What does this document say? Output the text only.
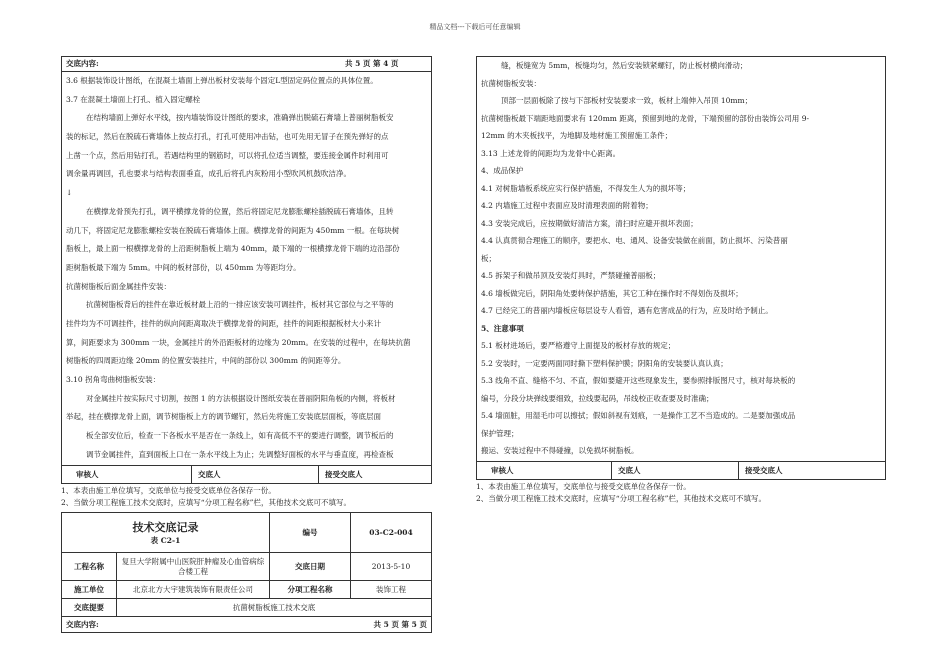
精品文档---下载后可任意编辑
交底内容:	共 5 页 第 4 页
3.6 根据装饰设计图纸，在混凝土墙面上弹出板材安装每个固定L型固定码位置点的具体位置。
3.7 在混凝土墙面上打孔、植入固定螺栓
在结构墙面上弹好水平线，按内墙装饰设计图纸的要求，准确弹出脱硫石膏墙上普丽树脂板安
装的标记，然后在脱硫石膏墙体上按点打孔，打孔可使用冲击钻，也可先用无冒子在预先弹好的点
上凿一个点，然后用钻打孔，若遇结构里的钢筋时，可以将孔位适当调整，要连接金属件时利用可
调余量再调回，孔也要求与结构表面垂直，成孔后将孔内灰粉用小型吹风机鼓吹洁净。
↓
在横撑龙骨预先打孔，调平横撑龙骨的位置，然后将固定尼龙膨胀螺栓插脱硫石膏墙体，且转
动几下，将固定尼龙膨胀螺栓安装在脱硫石膏墙体上面。横撑龙骨的间距为 450mm 一根。在每块树
脂板上，最上面一根横撑龙骨的上沿距树脂板上端为 40mm，最下端的一根横撑龙骨下端的边沿部份
距树脂板最下端为 5mm。中间的板材部份，以 450mm 为等距均分。
抗菌树脂板后面金属挂件安装：
抗菌树脂板背后的挂件在靠近板材最上沿的一排应该安装可调挂件，板材其它部位与之平等的
挂件均为不可调挂件，挂件的纵向间距离取决于横撑龙骨的间距，挂件的间距根据板材大小来计
算，间距要求为 300mm 一块，金属挂片的外沿距板材的边缘为 20mm。在安装的过程中，在每块抗菌
树脂板的四周距边缘 20mm 的位置安装挂片，中间的部份以 300mm 的间距等分。
3.10 拐角弯曲树脂板安装：
对金属挂片按实际尺寸切割，按图 1 的方法根据设计图纸安装在普丽阴阳角板的内侧，将板材
举起，挂在横撑龙骨上面，调节树脂板上方的调节螺钉，然后先将施工安装底层面板，等底层面
板全部安位后，检查一下各板水平是否在一条线上，如有高低不平的要进行调整，调节板后的
调节金属挂件，直到面板上口在一条水平线上为止；先调整好面板的水平与垂直度，再检查板
审核人	交底人	接受交底人
1、本表由施工单位填写，交底单位与接受交底单位各保存一份。
2、当做分项工程施工技术交底时，应填写“分项工程名称”栏，其他技术交底可不填写。
技术交底记录
表 C2-1		编号	03-C2-004

工程名称	复旦大学附属中山医院肝肿瘤及心血管病综合楼工程	交底日期	2013-5-10
施工单位	北京北方大宇建筑装饰有限责任公司	分项工程名称	装饰工程
交底提要	抗菌树脂板施工技术交底		
交底内容: 共 5 页 第 5 页			
缝，板缝宽为 5mm，板缝均匀，然后安装锁紧螺钉，防止板材横向滑动；
抗菌树脂板安装：
顶部一层面板除了按与下部板材安装要求一致，板材上端伸入吊顶 10mm；
抗菌树脂板最下端距地面要求有 120mm 距离，预留到地的龙骨，下端预留的部份由装饰公司用 9-
12mm 的木夹板找平，为地脚及地材施工预留施工条件；
3.13 上述龙骨的间距均为龙骨中心距离。
4、成品保护
4.1 对树脂墙板系统应实行保护措施，不得发生人为的损坏等；
4.2 内墙施工过程中表面应及时清理表面的附着物；
4.3 安装完成后，应按期做好清洁方案，清扫时应避开损坏表面；
4.4 认真贯彻合理施工的顺序，要把水、电、通风、设备安装做在前面，防止损坏、污染普丽
板；
4.5 拆架子和做吊顶及安装灯具时，严禁碰撞普丽板；
4.6 墙板做完后，阴阳角处要转保护措施，其它工种在操作时不得划伤及损坏；
4.7 已经完工的普丽内墙板应每层设专人看管，遇有危害成品的行为，应及时给予制止。
5、注意事项
5.1 板材进场后，要严格遵守上面提及的板材存放的规定；
5.2 安装时，一定要两面同时撕下塑料保护膜；阴阳角的安装要认真认真；
5.3 线角不直、缝格不匀、不直，假如要避开这些现象发生，要参照排版图尺寸，核对每块板的
编号，分段分块弹线要细致，拉线要起码，吊线校正收查要及时准确；
5.4 墙面脏，用湿毛巾可以擦拭；假如斜视有划痕，一是操作工艺不当造成的。二是要加强成品
保护管理；
搬运、安装过程中不得碰撞，以免损坏树脂板。
审核人	交底人	接受交底人
1、本表由施工单位填写，交底单位与接受交底单位各保存一份。
2、当做分项工程施工技术交底时，应填写“分项工程名称”栏，其他技术交底可不填写。
